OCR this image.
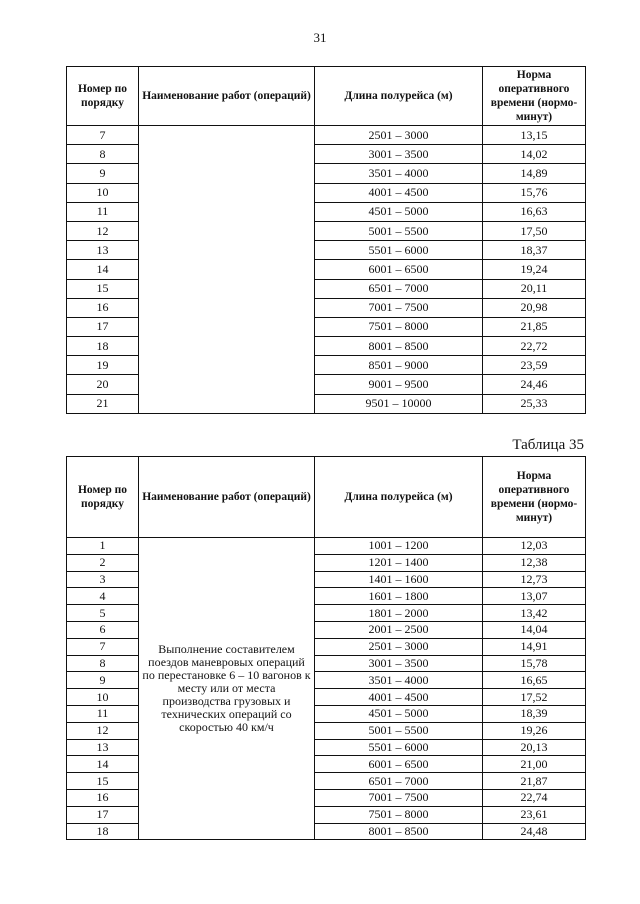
31
Номер по порядку	Наименование работ (операций)	Длина полурейса (м)	Норма оперативного времени (нормо-минут)
7		2501 – 3000	13,15
8		3001 – 3500	14,02
9		3501 – 4000	14,89
10		4001 – 4500	15,76
11		4501 – 5000	16,63
12		5001 – 5500	17,50
13		5501 – 6000	18,37
14		6001 – 6500	19,24
15		6501 – 7000	20,11
16		7001 – 7500	20,98
17		7501 – 8000	21,85
18		8001 – 8500	22,72
19		8501 – 9000	23,59
20		9001 – 9500	24,46
21		9501 – 10000	25,33
Таблица 35
Номер по порядку	Наименование работ (операций)	Длина полурейса (м)	Норма оперативного времени (нормо-минут)
1	Выполнение составителем поездов маневровых операций по перестановке 6 – 10 вагонов к месту или от места производства грузовых и технических операций со скоростью 40 км/ч	1001 – 1200	12,03
2		1201 – 1400	12,38
3		1401 – 1600	12,73
4		1601 – 1800	13,07
5		1801 – 2000	13,42
6		2001 – 2500	14,04
7		2501 – 3000	14,91
8		3001 – 3500	15,78
9		3501 – 4000	16,65
10		4001 – 4500	17,52
11		4501 – 5000	18,39
12		5001 – 5500	19,26
13		5501 – 6000	20,13
14		6001 – 6500	21,00
15		6501 – 7000	21,87
16		7001 – 7500	22,74
17		7501 – 8000	23,61
18		8001 – 8500	24,48
